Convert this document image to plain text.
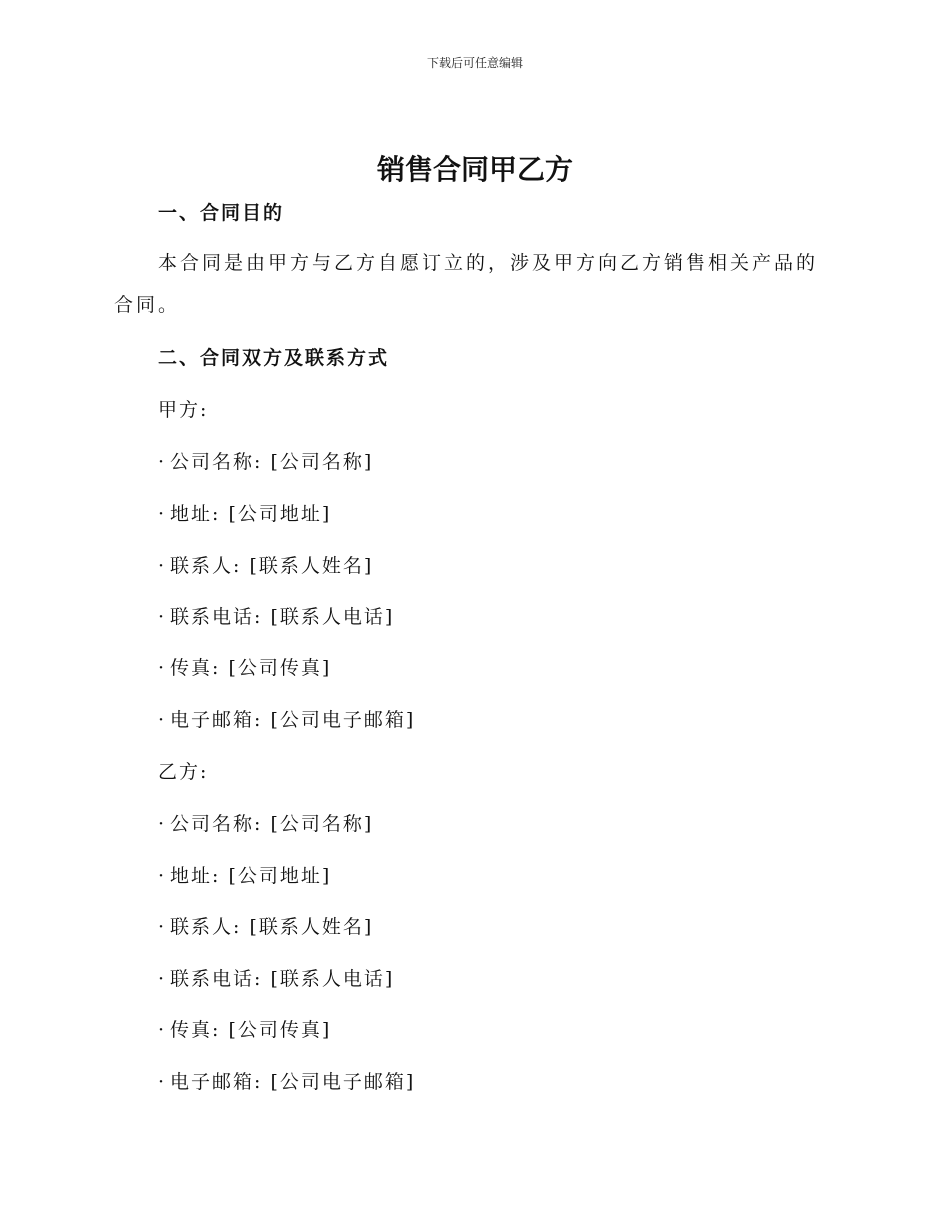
下载后可任意编辑
销售合同甲乙方
一、合同目的
本合同是由甲方与乙方自愿订立的，涉及甲方向乙方销售相关产品的合同。
二、合同双方及联系方式
甲方:
· 公司名称: [公司名称]
· 地址: [公司地址]
· 联系人: [联系人姓名]
· 联系电话: [联系人电话]
· 传真: [公司传真]
· 电子邮箱: [公司电子邮箱]
乙方:
· 公司名称: [公司名称]
· 地址: [公司地址]
· 联系人: [联系人姓名]
· 联系电话: [联系人电话]
· 传真: [公司传真]
· 电子邮箱: [公司电子邮箱]
